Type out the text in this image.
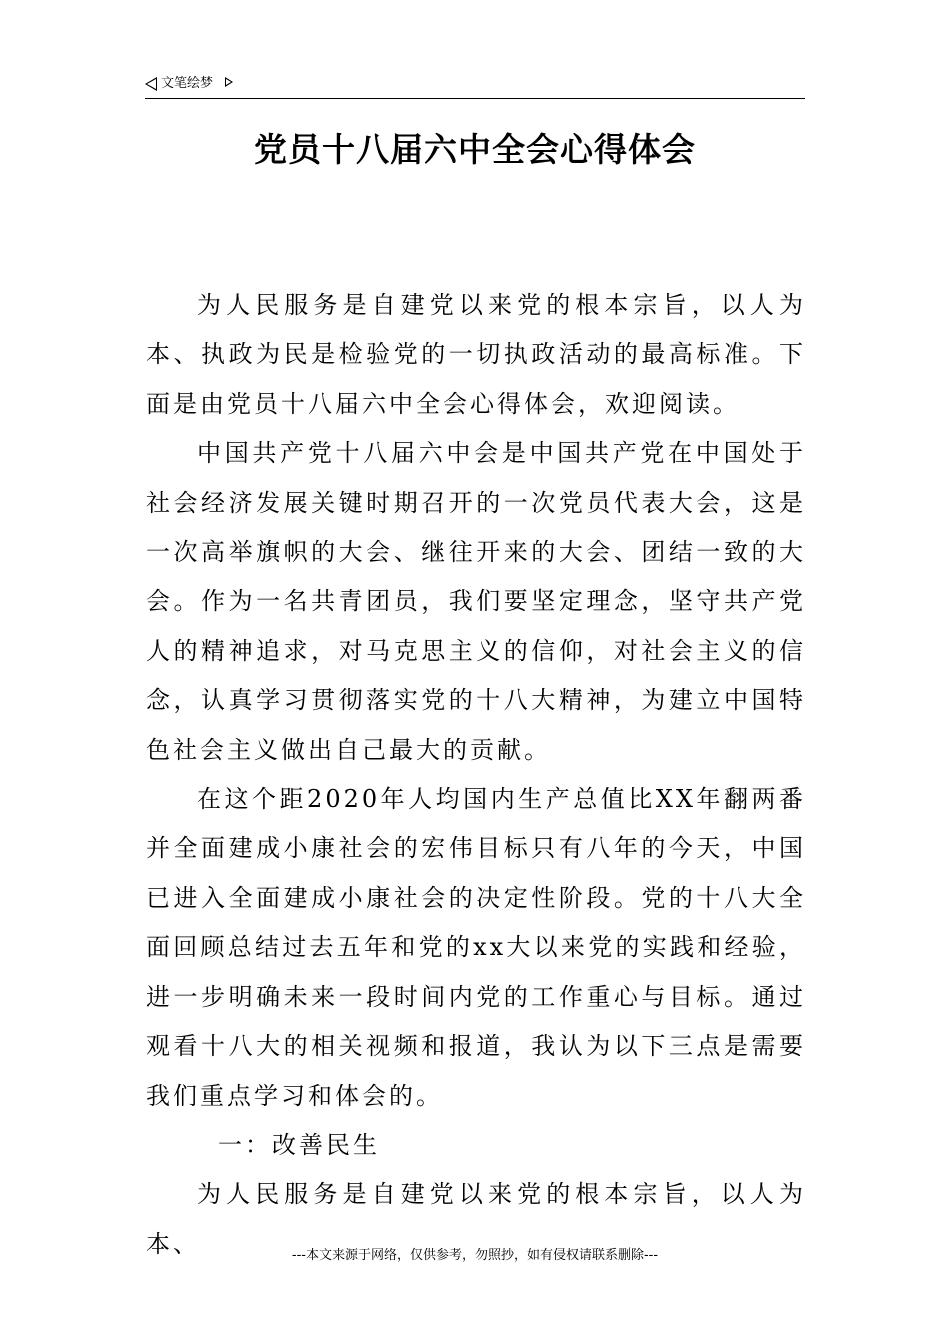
文笔绘梦
党员十八届六中全会心得体会

为人民服务是自建党以来党的根本宗旨，以人为本、执政为民是检验党的一切执政活动的最高标准。下面是由党员十八届六中全会心得体会，欢迎阅读。

中国共产党十八届六中会是中国共产党在中国处于社会经济发展关键时期召开的一次党员代表大会，这是一次高举旗帜的大会、继往开来的大会、团结一致的大会。作为一名共青团员，我们要坚定理念，坚守共产党人的精神追求，对马克思主义的信仰，对社会主义的信念，认真学习贯彻落实党的十八大精神，为建立中国特色社会主义做出自己最大的贡献。

在这个距2020年人均国内生产总值比XX年翻两番并全面建成小康社会的宏伟目标只有八年的今天，中国已进入全面建成小康社会的决定性阶段。党的十八大全面回顾总结过去五年和党的xx大以来党的实践和经验，进一步明确未来一段时间内党的工作重心与目标。通过观看十八大的相关视频和报道，我认为以下三点是需要我们重点学习和体会的。

一：改善民生

为人民服务是自建党以来党的根本宗旨，以人为本、	---本文来源于网络，仅供参考，勿照抄，如有侵权请联系删除---
